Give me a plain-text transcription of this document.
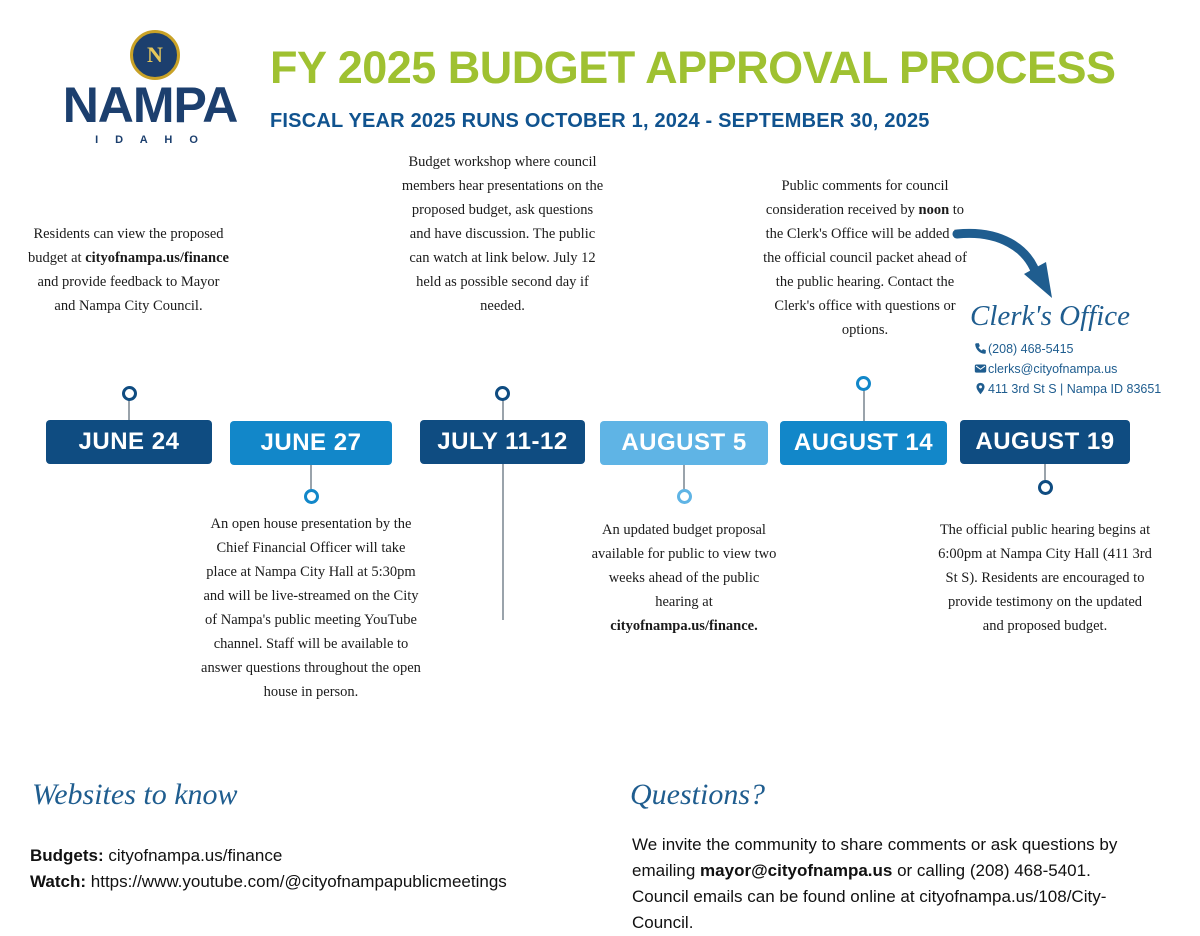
N
NAMPA
I D A H O
FY 2025 BUDGET APPROVAL PROCESS
FISCAL YEAR 2025 RUNS OCTOBER 1, 2024 - SEPTEMBER 30, 2025
JUNE 24
Residents can view the proposed budget at cityofnampa.us/finance and provide feedback to Mayor and Nampa City Council.
JUNE 27
An open house presentation by the Chief Financial Officer will take place at Nampa City Hall at 5:30pm and will be live-streamed on the City of Nampa's public meeting YouTube channel. Staff will be available to answer questions throughout the open house in person.
JULY 11-12
Budget workshop where council members hear presentations on the proposed budget, ask questions and have discussion. The public can watch at link below. July 12 held as possible second day if needed.
AUGUST 5
An updated budget proposal available for public to view two weeks ahead of the public hearing at cityofnampa.us/finance.
AUGUST 14
Public comments for council consideration received by noon to the Clerk's Office will be added to the official council packet ahead of the public hearing. Contact the Clerk's office with questions or options.
AUGUST 19
The official public hearing begins at 6:00pm at Nampa City Hall (411 3rd St S). Residents are encouraged to provide testimony on the updated and proposed budget.
Clerk's Office
(208) 468-5415
clerks@cityofnampa.us
411 3rd St S | Nampa ID 83651
Websites to know
Budgets: cityofnampa.us/finance
Watch: https://www.youtube.com/@cityofnampapublicmeetings
Questions?
We invite the community to share comments or ask questions by emailing mayor@cityofnampa.us or calling (208) 468-5401. Council emails can be found online at cityofnampa.us/108/City-Council.
